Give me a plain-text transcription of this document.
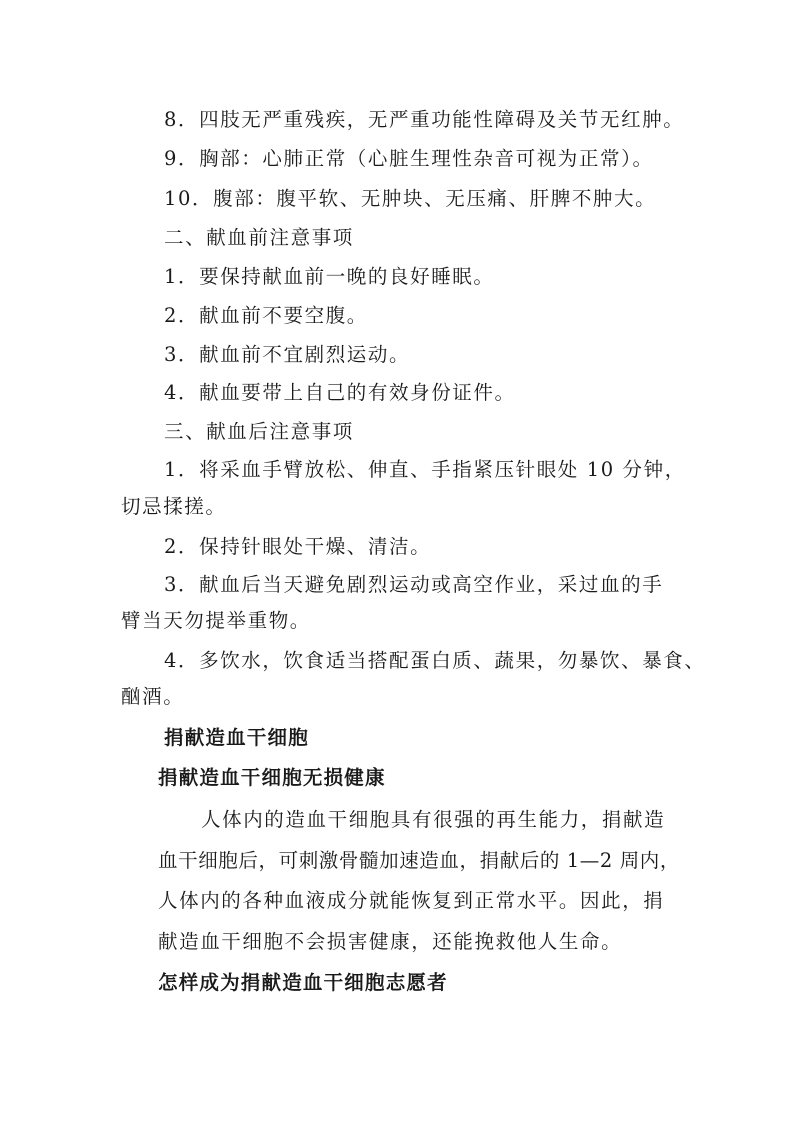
8．四肢无严重残疾，无严重功能性障碍及关节无红肿。
9．胸部：心肺正常（心脏生理性杂音可视为正常）。
10．腹部：腹平软、无肿块、无压痛、肝脾不肿大。
二、献血前注意事项
1．要保持献血前一晚的良好睡眠。
2．献血前不要空腹。
3．献血前不宜剧烈运动。
4．献血要带上自己的有效身份证件。
三、献血后注意事项
1．将采血手臂放松、伸直、手指紧压针眼处 10 分钟，
切忌揉搓。
2．保持针眼处干燥、清洁。
3．献血后当天避免剧烈运动或高空作业，采过血的手
臂当天勿提举重物。
4．多饮水，饮食适当搭配蛋白质、蔬果，勿暴饮、暴食、
酗酒。
捐献造血干细胞
捐献造血干细胞无损健康
人体内的造血干细胞具有很强的再生能力，捐献造
血干细胞后，可刺激骨髓加速造血，捐献后的 1—2 周内，
人体内的各种血液成分就能恢复到正常水平。因此，捐
献造血干细胞不会损害健康，还能挽救他人生命。
怎样成为捐献造血干细胞志愿者
